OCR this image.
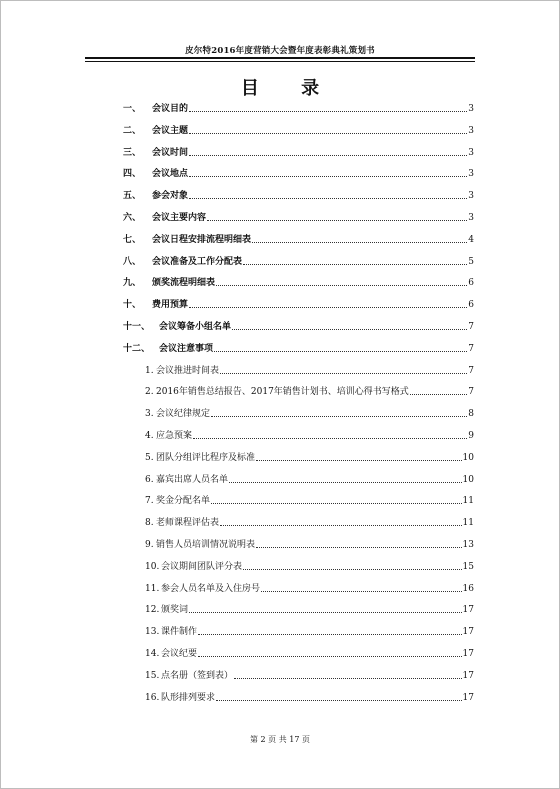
皮尔特2016年度营销大会暨年度表彰典礼策划书
目 录
一、	会议目的	3
二、	会议主题	3
三、	会议时间	3
四、	会议地点	3
五、	参会对象	3
六、	会议主要内容	3
七、	会议日程安排流程明细表	4
八、	会议准备及工作分配表	5
九、	颁奖流程明细表	6
十、	费用预算	6
十一、 会议筹备小组名单	7
十二、 会议注意事项	7
1. 会议推进时间表	7
2. 2016年销售总结报告、2017年销售计划书、培训心得书写格式	7
3. 会议纪律规定	8
4. 应急预案	9
5. 团队分组评比程序及标准	10
6. 嘉宾出席人员名单	10
7. 奖金分配名单	11
8. 老师课程评估表	11
9. 销售人员培训情况说明表	13
10. 会议期间团队评分表	15
11. 参会人员名单及入住房号	16
12. 颁奖词	17
13. 课件制作	17
14. 会议纪要	17
15. 点名册（签到表）	17
16. 队形排列要求	17
第 2 页 共 17 页
